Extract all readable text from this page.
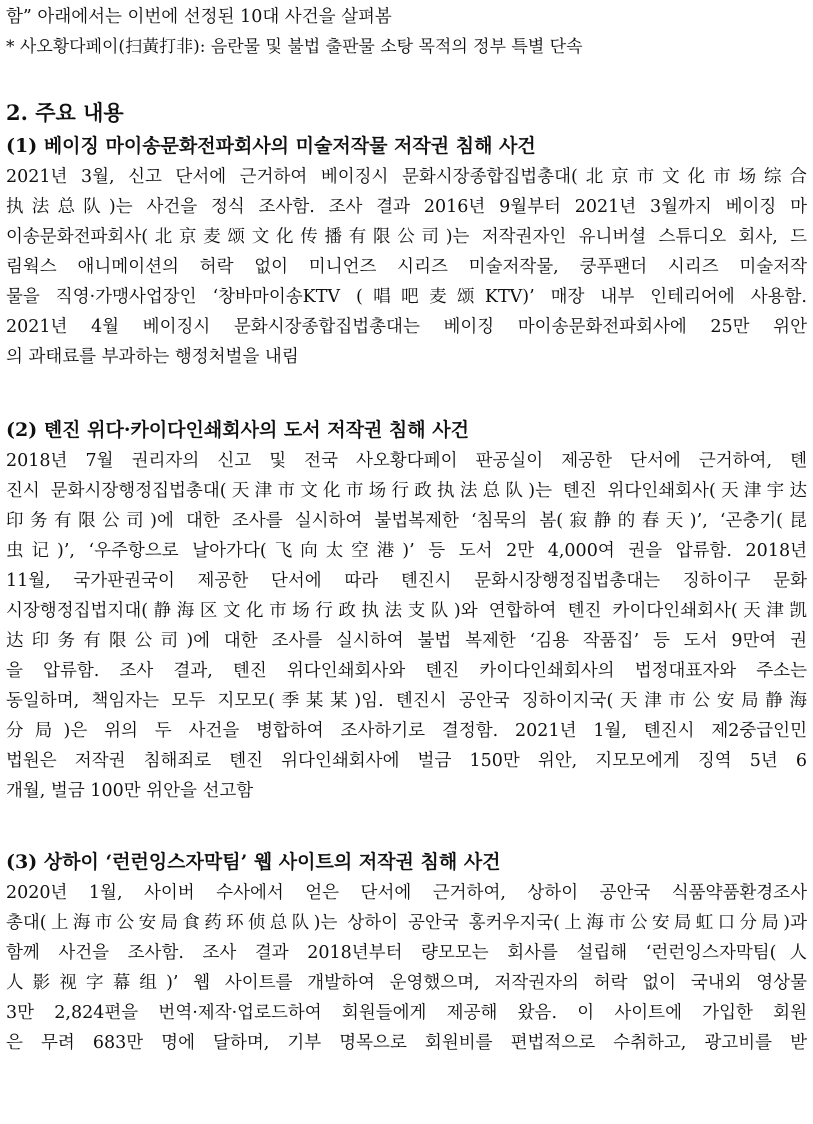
함” 아래에서는 이번에 선정된 10대 사건을 살펴봄
* 사오황다페이(扫黃打非): 음란물 및 불법 출판물 소탕 목적의 정부 특별 단속
2. 주요 내용
(1) 베이징 마이송문화전파회사의 미술저작물 저작권 침해 사건
2021년 3월, 신고 단서에 근거하여 베이징시 문화시장종합집법총대(北京市文化市场综合
执法总队)는 사건을 정식 조사함. 조사 결과 2016년 9월부터 2021년 3월까지 베이징 마
이송문화전파회사(北京麦颂文化传播有限公司)는 저작권자인 유니버셜 스튜디오 회사, 드
림웍스 애니메이션의 허락 없이 미니언즈 시리즈 미술저작물, 쿵푸팬더 시리즈 미술저작
물을 직영·가맹사업장인 ‘창바마이송KTV (唱吧麦颂KTV)’ 매장 내부 인테리어에 사용함.
2021년 4월 베이징시 문화시장종합집법총대는 베이징 마이송문화전파회사에 25만 위안
의 과태료를 부과하는 행정처벌을 내림
(2) 톈진 위다·카이다인쇄회사의 도서 저작권 침해 사건
2018년 7월 권리자의 신고 및 전국 사오황다페이 판공실이 제공한 단서에 근거하여, 톈
진시 문화시장행정집법총대(天津市文化市场行政执法总队)는 톈진 위다인쇄회사(天津宇达
印务有限公司)에 대한 조사를 실시하여 불법복제한 ‘침묵의 봄(寂静的春天)’, ‘곤충기(昆
虫记)’, ‘우주항으로 날아가다(飞向太空港)’ 등 도서 2만 4,000여 권을 압류함. 2018년
11월, 국가판권국이 제공한 단서에 따라 톈진시 문화시장행정집법총대는 징하이구 문화
시장행정집법지대(静海区文化市场行政执法支队)와 연합하여 톈진 카이다인쇄회사(天津凯
达印务有限公司)에 대한 조사를 실시하여 불법 복제한 ‘김용 작품집’ 등 도서 9만여 권
을 압류함. 조사 결과, 톈진 위다인쇄회사와 톈진 카이다인쇄회사의 법정대표자와 주소는
동일하며, 책임자는 모두 지모모(季某某)임. 톈진시 공안국 징하이지국(天津市公安局静海
分局)은 위의 두 사건을 병합하여 조사하기로 결정함. 2021년 1월, 톈진시 제2중급인민
법원은 저작권 침해죄로 톈진 위다인쇄회사에 벌금 150만 위안, 지모모에게 징역 5년 6
개월, 벌금 100만 위안을 선고함
(3) 상하이 ‘런런잉스자막팀’ 웹 사이트의 저작권 침해 사건
2020년 1월, 사이버 수사에서 얻은 단서에 근거하여, 상하이 공안국 식품약품환경조사
총대(上海市公安局食药环侦总队)는 상하이 공안국 홍커우지국(上海市公安局虹口分局)과
함께 사건을 조사함. 조사 결과 2018년부터 량모모는 회사를 설립해 ‘런런잉스자막팀(人
人影视字幕组)’ 웹 사이트를 개발하여 운영했으며, 저작권자의 허락 없이 국내외 영상물
3만 2,824편을 번역·제작·업로드하여 회원들에게 제공해 왔음. 이 사이트에 가입한 회원
은 무려 683만 명에 달하며, 기부 명목으로 회원비를 편법적으로 수취하고, 광고비를 받
